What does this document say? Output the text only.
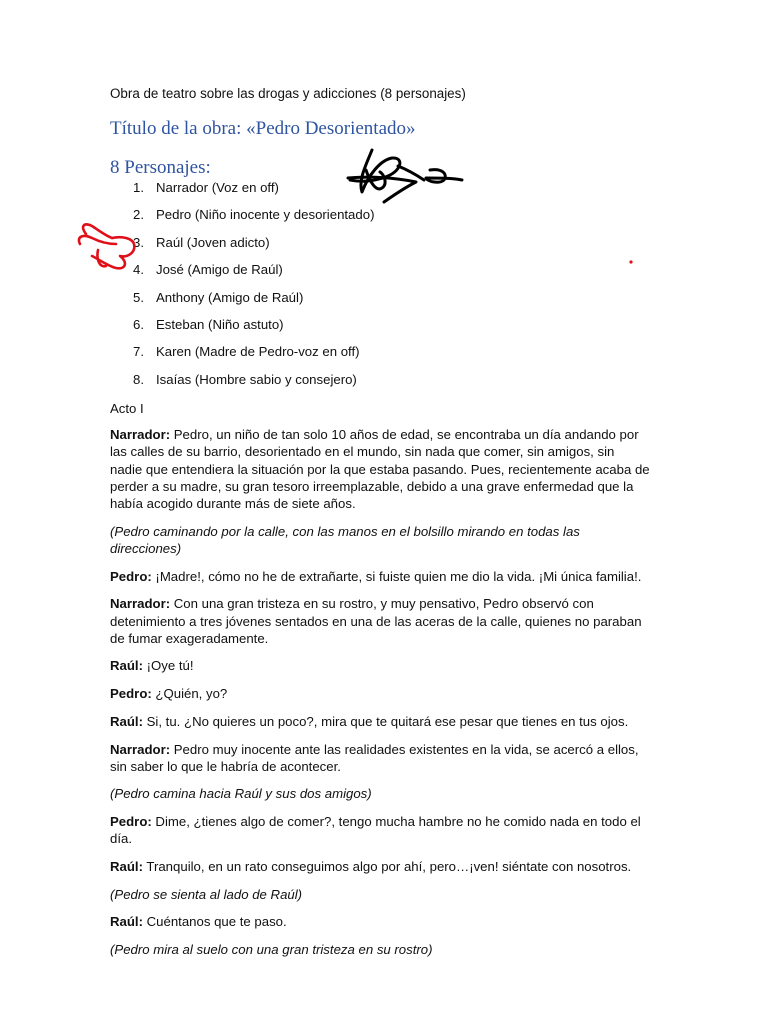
Obra de teatro sobre las drogas y adicciones (8 personajes)

Título de la obra: «Pedro Desorientado»
8 Personajes:
1. Narrador (Voz en off)
2. Pedro (Niño inocente y desorientado)
3. Raúl (Joven adicto)
4. José (Amigo de Raúl)
5. Anthony (Amigo de Raúl)
6. Esteban (Niño astuto)
7. Karen (Madre de Pedro-voz en off)
8. Isaías (Hombre sabio y consejero)

Acto I

Narrador: Pedro, un niño de tan solo 10 años de edad, se encontraba un día andando por las calles de su barrio, desorientado en el mundo, sin nada que comer, sin amigos, sin nadie que entendiera la situación por la que estaba pasando. Pues, recientemente acaba de perder a su madre, su gran tesoro irreemplazable, debido a una grave enfermedad que la había acogido durante más de siete años.

(Pedro caminando por la calle, con las manos en el bolsillo mirando en todas las direcciones)

Pedro: ¡Madre!, cómo no he de extrañarte, si fuiste quien me dio la vida. ¡Mi única familia!.

Narrador: Con una gran tristeza en su rostro, y muy pensativo, Pedro observó con detenimiento a tres jóvenes sentados en una de las aceras de la calle, quienes no paraban de fumar exageradamente.

Raúl: ¡Oye tú!

Pedro: ¿Quién, yo?

Raúl: Si, tu. ¿No quieres un poco?, mira que te quitará ese pesar que tienes en tus ojos.

Narrador: Pedro muy inocente ante las realidades existentes en la vida, se acercó a ellos, sin saber lo que le habría de acontecer.

(Pedro camina hacia Raúl y sus dos amigos)

Pedro: Dime, ¿tienes algo de comer?, tengo mucha hambre no he comido nada en todo el día.

Raúl: Tranquilo, en un rato conseguimos algo por ahí, pero…¡ven! siéntate con nosotros.

(Pedro se sienta al lado de Raúl)

Raúl: Cuéntanos que te paso.

(Pedro mira al suelo con una gran tristeza en su rostro)
